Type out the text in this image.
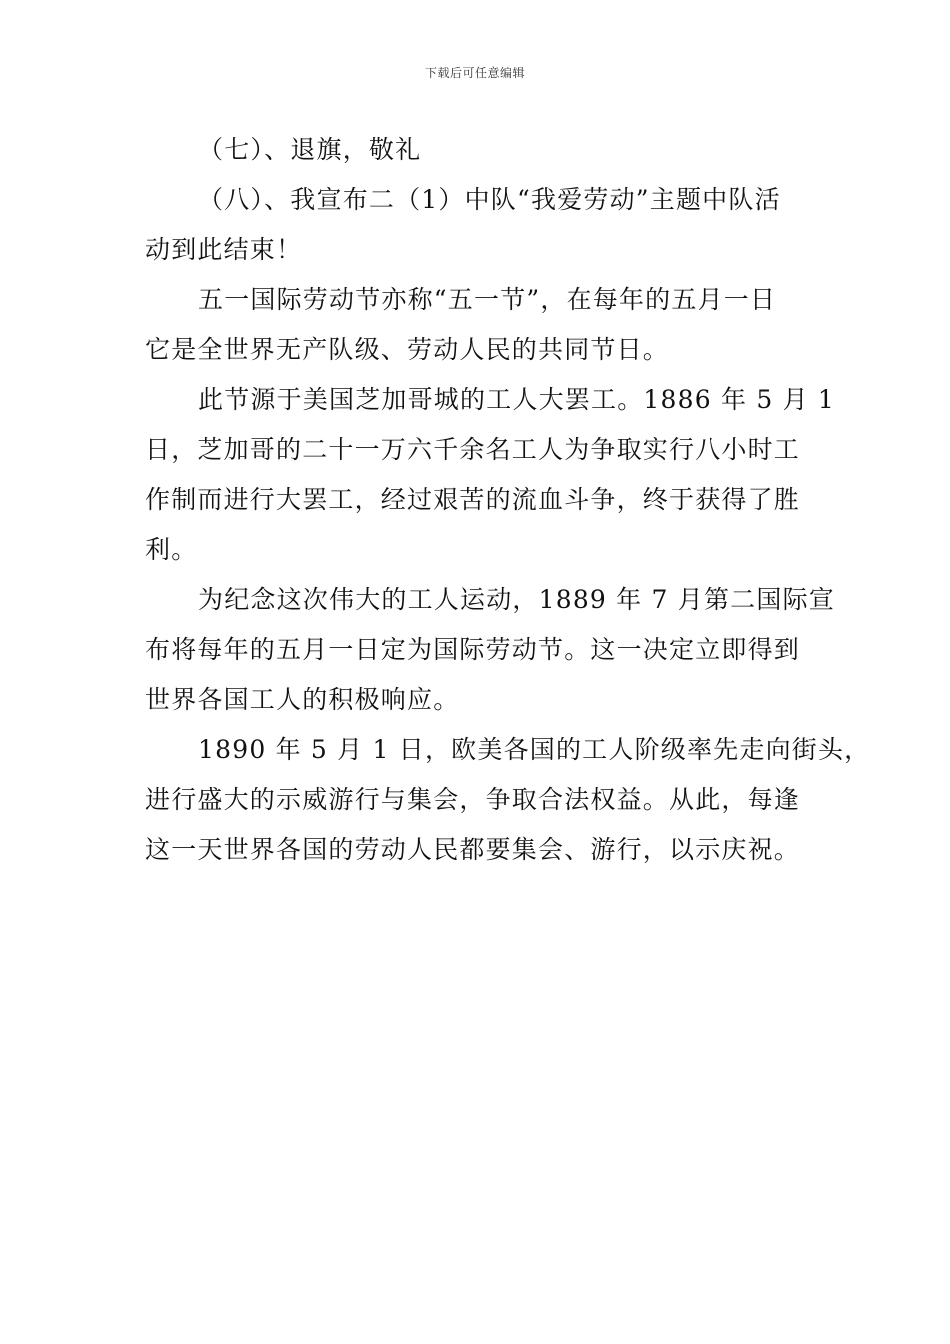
下载后可任意编辑
（七）、退旗，敬礼
（八）、我宣布二（1）中队“我爱劳动”主题中队活
动到此结束！
五一国际劳动节亦称“五一节”，在每年的五月一日
它是全世界无产队级、劳动人民的共同节日。
此节源于美国芝加哥城的工人大罢工。1886 年 5 月 1
日，芝加哥的二十一万六千余名工人为争取实行八小时工
作制而进行大罢工，经过艰苦的流血斗争，终于获得了胜
利。
为纪念这次伟大的工人运动，1889 年 7 月第二国际宣
布将每年的五月一日定为国际劳动节。这一决定立即得到
世界各国工人的积极响应。
1890 年 5 月 1 日，欧美各国的工人阶级率先走向街头，
进行盛大的示威游行与集会，争取合法权益。从此，每逢
这一天世界各国的劳动人民都要集会、游行，以示庆祝。
